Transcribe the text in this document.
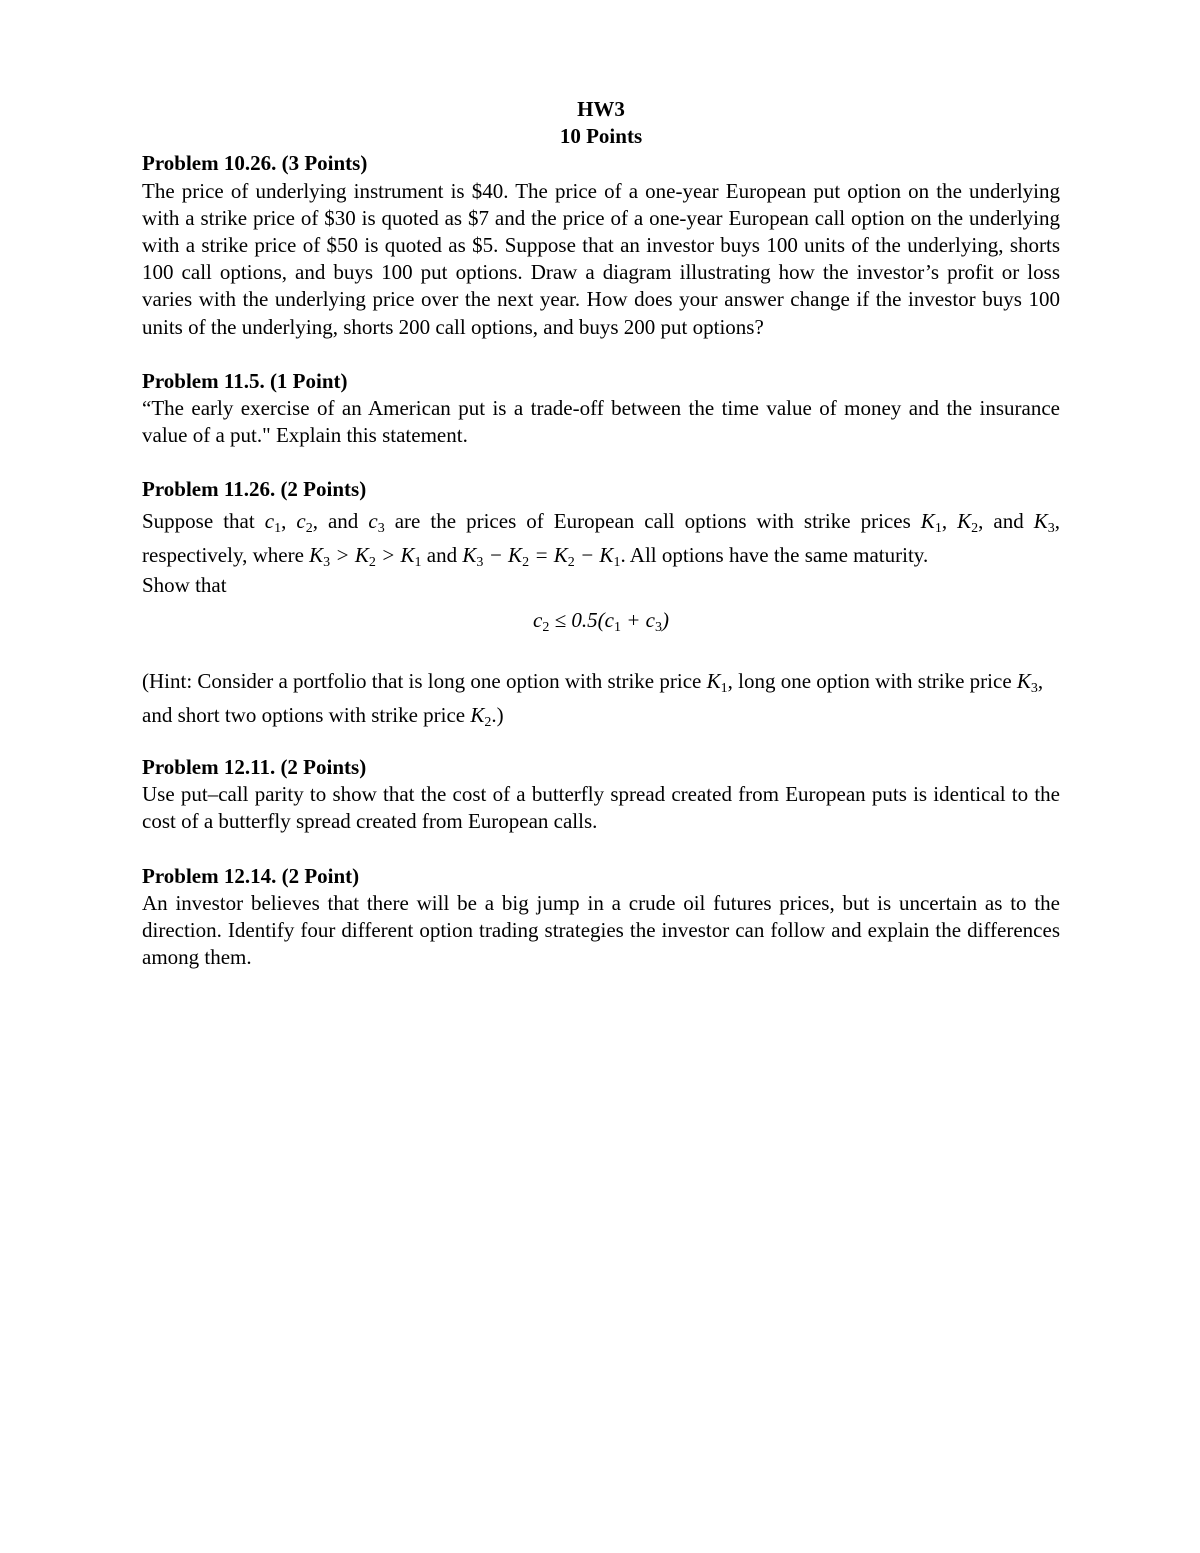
HW3

10 Points

Problem 10.26. (3 Points)

The price of underlying instrument is $40. The price of a one-year European put option on the underlying with a strike price of $30 is quoted as $7 and the price of a one-year European call option on the underlying with a strike price of $50 is quoted as $5. Suppose that an investor buys 100 units of the underlying, shorts 100 call options, and buys 100 put options. Draw a diagram illustrating how the investor’s profit or loss varies with the underlying price over the next year. How does your answer change if the investor buys 100 units of the underlying, shorts 200 call options, and buys 200 put options?

Problem 11.5. (1 Point)

“The early exercise of an American put is a trade-off between the time value of money and the insurance value of a put." Explain this statement.

Problem 11.26. (2 Points)

Suppose that $c_1$, $c_2$, and $c_3$ are the prices of European call options with strike prices $K_1$, $K_2$, and $K_3$, respectively, where $K_3 > K_2 > K_1$ and $K_3 - K_2 = K_2 - K_1$. All options have the same maturity.

Show that

$c_2 \le 0.5(c_1 + c_3)$

(Hint: Consider a portfolio that is long one option with strike price $K_1$, long one option with strike price $K_3$, and short two options with strike price $K_2$.)

Problem 12.11. (2 Points)

Use put–call parity to show that the cost of a butterfly spread created from European puts is identical to the cost of a butterfly spread created from European calls.

Problem 12.14. (2 Point)

An investor believes that there will be a big jump in a crude oil futures prices, but is uncertain as to the direction. Identify four different option trading strategies the investor can follow and explain the differences among them.
